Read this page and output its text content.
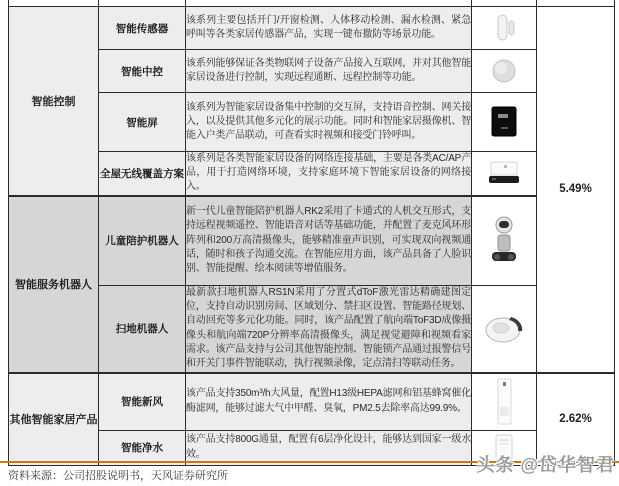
智能控制	智能传感器	该系列主要包括开门/开窗检测、人体移动检测、漏水检测、紧急呼叫等各类家居传感器产品，实现一键布撤防等场景功能。		5.49%
	智能中控	该系列能够保证各类物联网子设备产品接入互联网，并对其他智能家居设备进行控制，实现远程通断、远程控制等功能。	

	智能屏	该系列为智能家居设备集中控制的交互屏，支持语音控制、网关接入，以及提供其他多元化的展示功能。同时和智能家居摄像机、智能入户类产品联动，可查看实时视频和接受门铃呼叫。	

	全屋无线覆盖方案	该系列是各类智能家居设备的网络连接基础，主要是各类AC/AP产品，用于打造网络环境，支持家庭环境下智能家居设备的网络接入。	

智能服务机器人	儿童陪护机器人	新一代儿童智能陪护机器人RK2采用了卡通式的人机交互形式，支持远程视频遥控、智能语音对话等基础功能，并配置了麦克风环形阵列和200万高清摄像头，能够精准童声识别，可实现双向视频通话，随时和孩子沟通交流。在智能应用方面，该产品具备了人脸识别、智能提醒、绘本阅读等增值服务。	

	扫地机器人	最新款扫地机器人RS1N采用了分置式dToF激光雷达精确建图定位，支持自动识别房间、区域划分、禁扫区设置、智能路径规划、自动回充等多元化功能。同时，该产品配置了航向端ToF3D成像摄像头和航向端720P分辨率高清摄像头，满足视觉避障和视频看家需求。该产品支持与公司其他智能控制、智能锁产品通过报警信号和开关门事件智能联动，执行视频录像，定点清扫等联动任务。	

其他智能家居产品	智能新风	该产品支持350m³/h大风量，配置H13级HEPA滤网和铝基蜂窝催化酶滤网，能够过滤大气中甲醛、臭氧，PM2.5去除率高达99.9%。		2.62%
	智能净水	该产品支持800G通量，配置有6层净化设计，能够达到国家一级水效。	
资料来源：公司招股说明书，天风证券研究所
头条 @岱华智君
